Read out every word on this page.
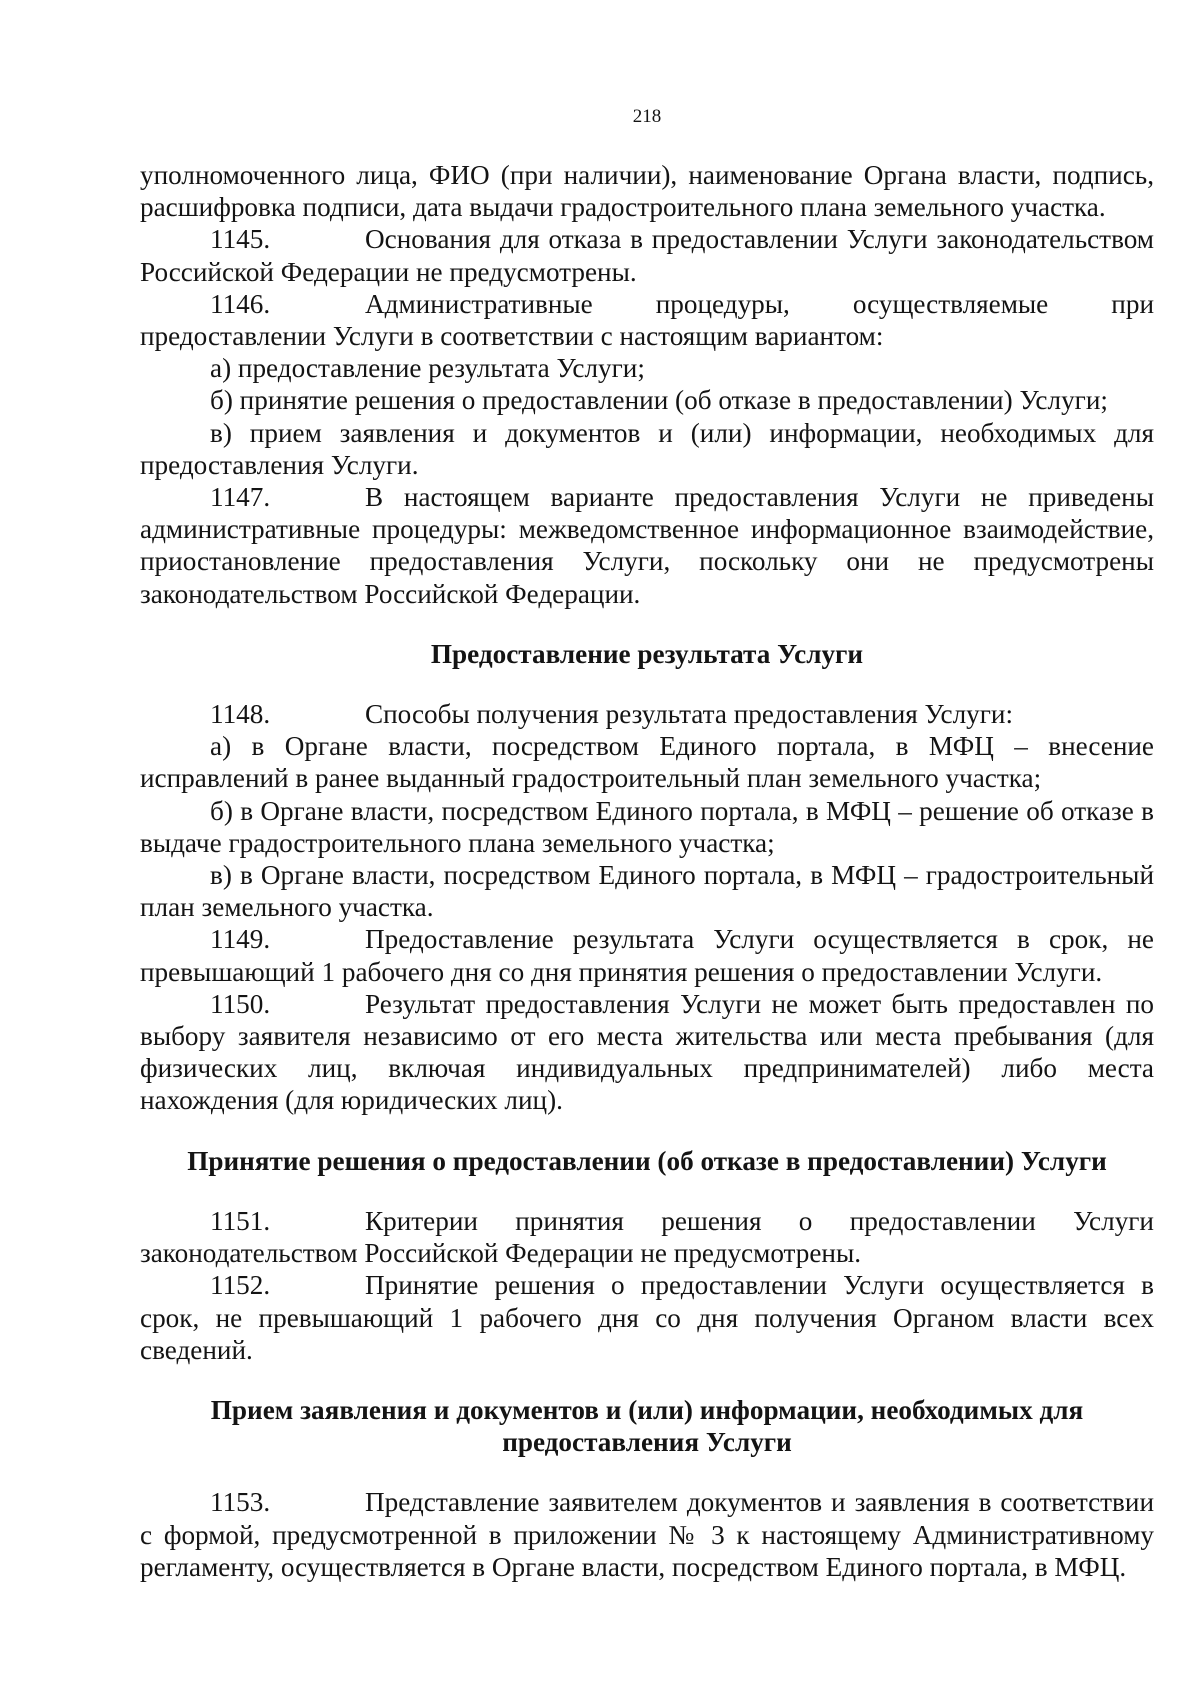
218

уполномоченного лица, ФИО (при наличии), наименование Органа власти, подпись, расшифровка подписи, дата выдачи градостроительного плана земельного участка.

1145.	Основания для отказа в предоставлении Услуги законодательством Российской Федерации не предусмотрены.

1146.	Административные процедуры, осуществляемые при предоставлении Услуги в соответствии с настоящим вариантом:

а) предоставление результата Услуги;

б) принятие решения о предоставлении (об отказе в предоставлении) Услуги;

в) прием заявления и документов и (или) информации, необходимых для предоставления Услуги.

1147.	В настоящем варианте предоставления Услуги не приведены административные процедуры: межведомственное информационное взаимодействие, приостановление предоставления Услуги, поскольку они не предусмотрены законодательством Российской Федерации.

Предоставление результата Услуги

1148.	Способы получения результата предоставления Услуги:

а) в Органе власти, посредством Единого портала, в МФЦ – внесение исправлений в ранее выданный градостроительный план земельного участка;

б) в Органе власти, посредством Единого портала, в МФЦ – решение об отказе в выдаче градостроительного плана земельного участка;

в) в Органе власти, посредством Единого портала, в МФЦ – градостроительный план земельного участка.

1149.	Предоставление результата Услуги осуществляется в срок, не превышающий 1 рабочего дня со дня принятия решения о предоставлении Услуги.

1150.	Результат предоставления Услуги не может быть предоставлен по выбору заявителя независимо от его места жительства или места пребывания (для физических лиц, включая индивидуальных предпринимателей) либо места нахождения (для юридических лиц).

Принятие решения о предоставлении (об отказе в предоставлении) Услуги

1151.	Критерии принятия решения о предоставлении Услуги законодательством Российской Федерации не предусмотрены.

1152.	Принятие решения о предоставлении Услуги осуществляется в срок, не превышающий 1 рабочего дня со дня получения Органом власти всех сведений.

Прием заявления и документов и (или) информации, необходимых для
предоставления Услуги

1153.	Представление заявителем документов и заявления в соответствии с формой, предусмотренной в приложении № 3 к настоящему Административному регламенту, осуществляется в Органе власти, посредством Единого портала, в МФЦ.
